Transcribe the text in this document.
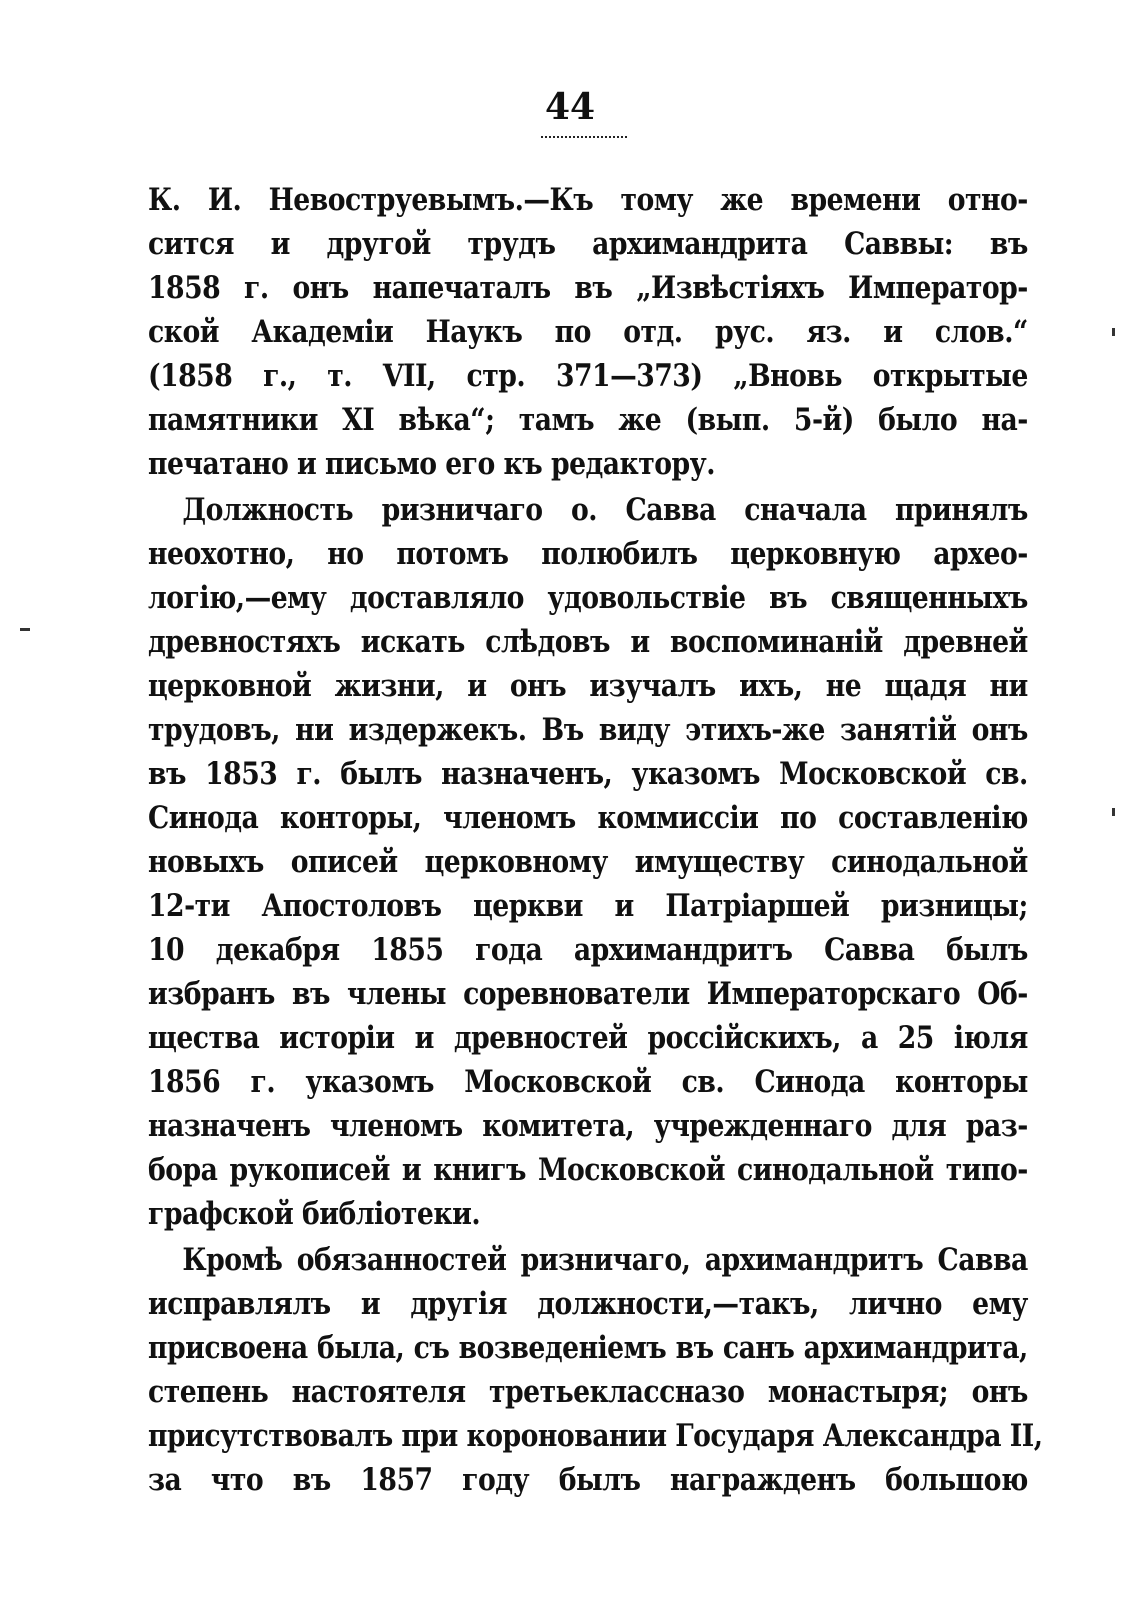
44
К. И. Невоструевымъ.—Къ тому же времени отно-
сится и другой трудъ архимандрита Саввы: въ
1858 г. онъ напечаталъ въ „Извѣстіяхъ Император-
ской Академіи Наукъ по отд. рус. яз. и слов.“
(1858 г., т. VII, стр. 371—373) „Вновь открытые
памятники XI вѣка“; тамъ же (вып. 5-й) было на-
печатано и письмо его къ редактору.
Должность ризничаго о. Савва сначала принялъ
неохотно, но потомъ полюбилъ церковную архео-
логію,—ему доставляло удовольствіе въ священныхъ
древностяхъ искать слѣдовъ и воспоминаній древней
церковной жизни, и онъ изучалъ ихъ, не щадя ни
трудовъ, ни издержекъ. Въ виду этихъ-же занятій онъ
въ 1853 г. былъ назначенъ, указомъ Московской св.
Синода конторы, членомъ коммиссіи по составленію
новыхъ описей церковному имуществу синодальной
12-ти Апостоловъ церкви и Патріаршей ризницы;
10 декабря 1855 года архимандритъ Савва былъ
избранъ въ члены соревнователи Императорскаго Об-
щества исторіи и древностей россійскихъ, а 25 іюля
1856 г. указомъ Московской св. Синода конторы
назначенъ членомъ комитета, учрежденнаго для раз-
бора рукописей и книгъ Московской синодальной типо-
графской библіотеки.
Кромѣ обязанностей ризничаго, архимандритъ Савва
исправлялъ и другія должности,—такъ, лично ему
присвоена была, съ возведеніемъ въ санъ архимандрита,
степень настоятеля третьеклассназо монастыря; онъ
присутствовалъ при короновании Государя Александра II,
за что въ 1857 году былъ награжденъ большою
